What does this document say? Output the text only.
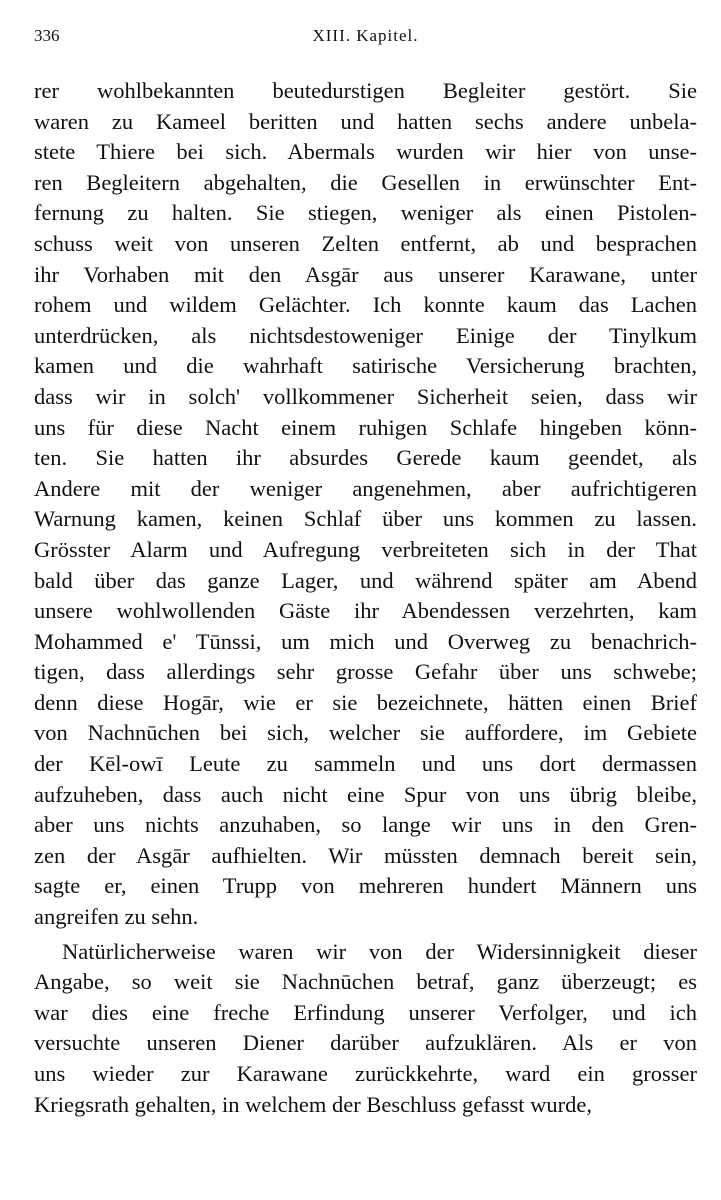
336	XIII. Kapitel.
rer wohlbekannten beutedurstigen Begleiter gestört. Sie
waren zu Kameel beritten und hatten sechs andere unbela-
stete Thiere bei sich. Abermals wurden wir hier von unse-
ren Begleitern abgehalten, die Gesellen in erwünschter Ent-
fernung zu halten. Sie stiegen, weniger als einen Pistolen-
schuss weit von unseren Zelten entfernt, ab und besprachen
ihr Vorhaben mit den Asgār aus unserer Karawane, unter
rohem und wildem Gelächter. Ich konnte kaum das Lachen
unterdrücken, als nichtsdestoweniger Einige der Tinylkum
kamen und die wahrhaft satirische Versicherung brachten,
dass wir in solch' vollkommener Sicherheit seien, dass wir
uns für diese Nacht einem ruhigen Schlafe hingeben könn-
ten. Sie hatten ihr absurdes Gerede kaum geendet, als
Andere mit der weniger angenehmen, aber aufrichtigeren
Warnung kamen, keinen Schlaf über uns kommen zu lassen.
Grösster Alarm und Aufregung verbreiteten sich in der That
bald über das ganze Lager, und während später am Abend
unsere wohlwollenden Gäste ihr Abendessen verzehrten, kam
Mohammed e' Tūnssi, um mich und Overweg zu benachrich-
tigen, dass allerdings sehr grosse Gefahr über uns schwebe;
denn diese Hogār, wie er sie bezeichnete, hätten einen Brief
von Nachnūchen bei sich, welcher sie auffordere, im Gebiete
der Kēl-owī Leute zu sammeln und uns dort dermassen
aufzuheben, dass auch nicht eine Spur von uns übrig bleibe,
aber uns nichts anzuhaben, so lange wir uns in den Gren-
zen der Asgār aufhielten. Wir müssten demnach bereit sein,
sagte er, einen Trupp von mehreren hundert Männern uns
angreifen zu sehn.
Natürlicherweise waren wir von der Widersinnigkeit dieser
Angabe, so weit sie Nachnūchen betraf, ganz überzeugt; es
war dies eine freche Erfindung unserer Verfolger, und ich
versuchte unseren Diener darüber aufzuklären. Als er von
uns wieder zur Karawane zurückkehrte, ward ein grosser
Kriegsrath gehalten, in welchem der Beschluss gefasst wurde,
